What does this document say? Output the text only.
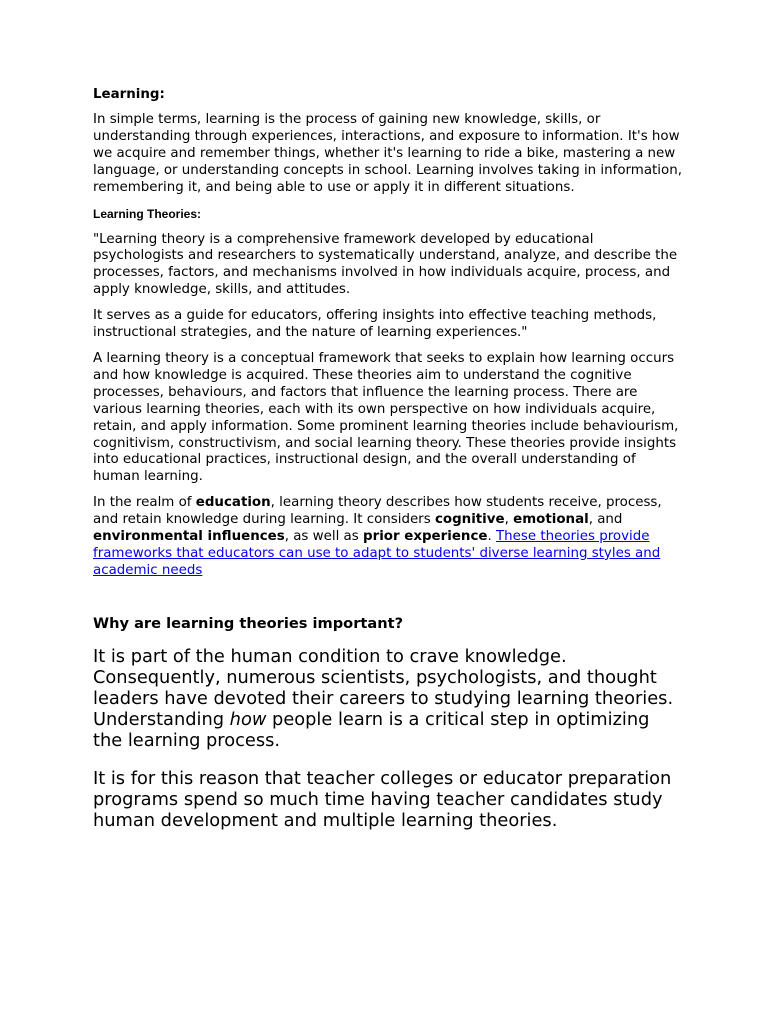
Learning:

In simple terms, learning is the process of gaining new knowledge, skills, or understanding through experiences, interactions, and exposure to information. It's how we acquire and remember things, whether it's learning to ride a bike, mastering a new language, or understanding concepts in school. Learning involves taking in information, remembering it, and being able to use or apply it in different situations.

Learning Theories:

"Learning theory is a comprehensive framework developed by educational psychologists and researchers to systematically understand, analyze, and describe the processes, factors, and mechanisms involved in how individuals acquire, process, and apply knowledge, skills, and attitudes.

It serves as a guide for educators, offering insights into effective teaching methods, instructional strategies, and the nature of learning experiences."

A learning theory is a conceptual framework that seeks to explain how learning occurs and how knowledge is acquired. These theories aim to understand the cognitive processes, behaviours, and factors that influence the learning process. There are various learning theories, each with its own perspective on how individuals acquire, retain, and apply information. Some prominent learning theories include behaviourism, cognitivism, constructivism, and social learning theory. These theories provide insights into educational practices, instructional design, and the overall understanding of human learning.

In the realm of education, learning theory describes how students receive, process, and retain knowledge during learning. It considers cognitive, emotional, and environmental influences, as well as prior experience. These theories provide frameworks that educators can use to adapt to students' diverse learning styles and academic needs

Why are learning theories important?

It is part of the human condition to crave knowledge. Consequently, numerous scientists, psychologists, and thought leaders have devoted their careers to studying learning theories. Understanding how people learn is a critical step in optimizing the learning process.

It is for this reason that teacher colleges or educator preparation programs spend so much time having teacher candidates study human development and multiple learning theories.
